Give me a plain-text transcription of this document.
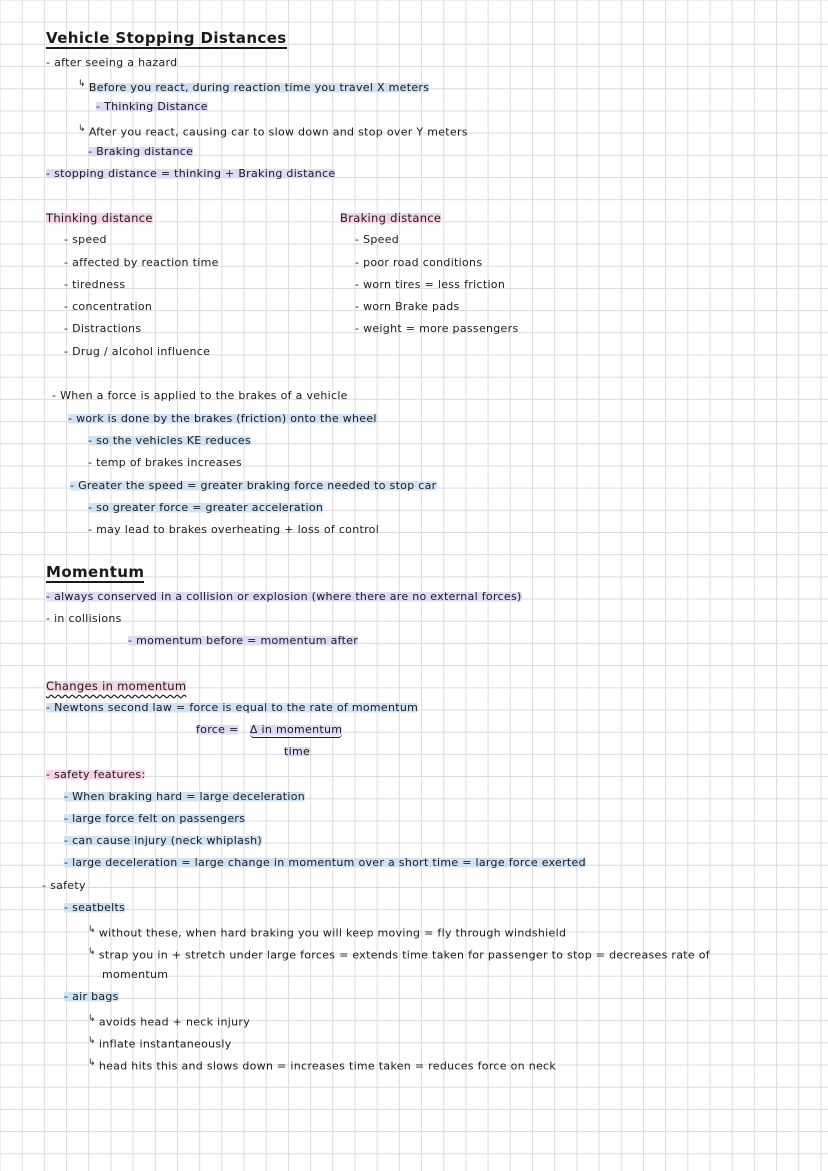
Vehicle Stopping Distances
- after seeing a hazard
↳ Before you react, during reaction time you travel X meters
- Thinking Distance
↳ After you react, causing car to slow down and stop over Y meters
- Braking distance
- stopping distance = thinking + Braking distance
Thinking distance
- speed
- affected by reaction time
- tiredness
- concentration
- Distractions
- Drug / alcohol influence
Braking distance
- Speed
- poor road conditions
- worn tires = less friction
- worn Brake pads
- weight = more passengers
- When a force is applied to the brakes of a vehicle
- work is done by the brakes (friction) onto the wheel
- so the vehicles KE reduces
- temp of brakes increases
- Greater the speed = greater braking force needed to stop car
- so greater force = greater acceleration
- may lead to brakes overheating + loss of control
Momentum
- always conserved in a collision or explosion (where there are no external forces)
- in collisions
- momentum before = momentum after
Changes in momentum
- Newtons second law = force is equal to the rate of momentum
force = Δ in momentum
time
- safety features:
- When braking hard = large deceleration
- large force felt on passengers
- can cause injury (neck whiplash)
- large deceleration = large change in momentum over a short time = large force exerted
- safety
- seatbelts
↳ without these, when hard braking you will keep moving = fly through windshield
↳ strap you in + stretch under large forces = extends time taken for passenger to stop = decreases rate of
momentum
- air bags
↳ avoids head + neck injury
↳ inflate instantaneously
↳ head hits this and slows down = increases time taken = reduces force on neck
